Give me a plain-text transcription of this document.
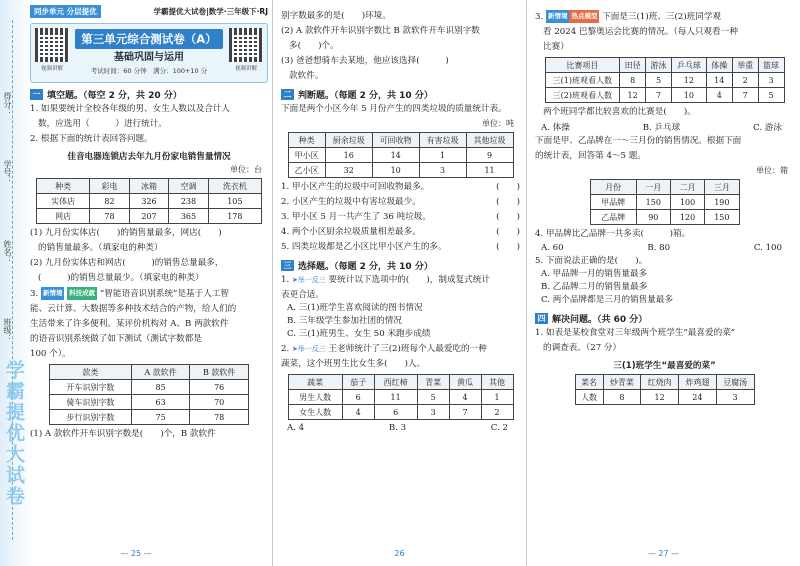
得分：
学号：
姓名：
班级：
学霸提优大试卷
同步单元 分层提优	学霸提优大试卷|数学·三年级下·RJ
视频讲解
第三单元综合测试卷（A）
基础巩固与运用
考试时间：60 分钟　满分：100+10 分	视频讲解
一 填空题。（每空 2 分，共 20 分）

1. 如果要统计全校各年级的男、女生人数以及合计人

数，应选用（　　　）进行统计。

2. 根据下面的统计表回答问题。

佳音电器连锁店去年九月份家电销售量情况
单位：台
种类	彩电	冰箱	空调	洗衣机
实体店	82	326	238	105
网店	78	207	365	178

(1) 九月份实体店(　　)的销售量最多，网店(　　)

的销售量最多。（填家电的种类）

(2) 九月份实体店和网店(　　　)的销售总量最多，

(　　　)的销售总量最少。（填家电的种类）

3. 新情境 科技成就 “智能语音识别系统”是基于人工智

能、云计算、大数据等多种技术结合的产物，给人们的

生活带来了许多便利。某评价机构对 A、B 两款软件

的语音识别系统做了如下测试（测试字数都是

100 个）。

款类	A 款软件	B 款软件
开车识别字数	85	76
骑车识别字数	63	70
步行识别字数	75	78

(1) A 款软件开车识别字数是(　　)个，B 款软件

— 25 —

别字数最多的是(　　)环境。

(2) A 款软件开车识别字数比 B 款软件开车识别字数

多(　　)个。

(3) 爸爸想骑车去某地，他应该选择(　　　)

款软件。

二 判断题。（每题 2 分，共 10 分）

下面是两个小区今年 5 月份产生的四类垃圾的质量统计表。

单位：吨
种类	厨余垃圾	可回收物	有害垃圾	其他垃圾
甲小区	16	14	1	9
乙小区	32	10	3	11

1. 甲小区产生的垃圾中可回收物最多。	(　　)

2. 小区产生的垃圾中有害垃圾最少。	(　　)

3. 甲小区 5 月一共产生了 36 吨垃圾。	(　　)

4. 两个小区厨余垃圾质量相差最多。	(　　)

5. 四类垃圾都是乙小区比甲小区产生的多。	(　　)

三 选择题。（每题 2 分，共 10 分）

1. ➤举一反三 要统计以下选项中的(　　)，制成复式统计

表更合适。

A. 三(1)班学生喜欢阅读的图书情况

B. 三年级学生参加社团的情况

C. 三(1)班男生、女生 50 米跑步成绩

2. ➤举一反三 王老师统计了三(2)班每个人最爱吃的一种

蔬菜，这个班男生比女生多(　　)人。

蔬菜	茄子	西红柿	青菜	黄瓜	其他
男生人数	6	11	5	4	1
女生人数	4	6	3	7	2
A. 4	B. 3	C. 2
26

3. 新情境 热点模型 下面是三(1)班、三(2)班同学观

看 2024 巴黎奥运会比赛的情况。（每人只观看一种

比赛）

比赛项目	田径	游泳	乒乓球	体操	举重	篮球
三(1)班观看人数	8	5	12	14	2	3
三(2)班观看人数	12	7	10	4	7	5

两个班同学都比较喜欢的比赛是(　　)。

A. 体操	B. 乒乓球	C. 游泳

下面是甲、乙品牌在一～三月份的销售情况。根据下面

的统计表，回答第 4～5 题。

单位：箱
月份	一月	二月	三月
甲品牌	150	100	190
乙品牌	90	120	150

4. 甲品牌比乙品牌一共多卖(　　　)箱。

A. 60	B. 80	C. 100

5. 下面说法正确的是(　　)。

A. 甲品牌一月的销售量最多

B. 乙品牌二月的销售量最多

C. 两个品牌都是三月的销售量最多

四 解决问题。（共 60 分）

1. 如表是某校食堂对三年级两个班学生“最喜爱的菜”

的调查表。（27 分）

三(1)班学生“最喜爱的菜”
菜名	炒青菜	红烧肉	炸鸡翅	豆腐汤
人数	8	12	24	3
— 27 —
